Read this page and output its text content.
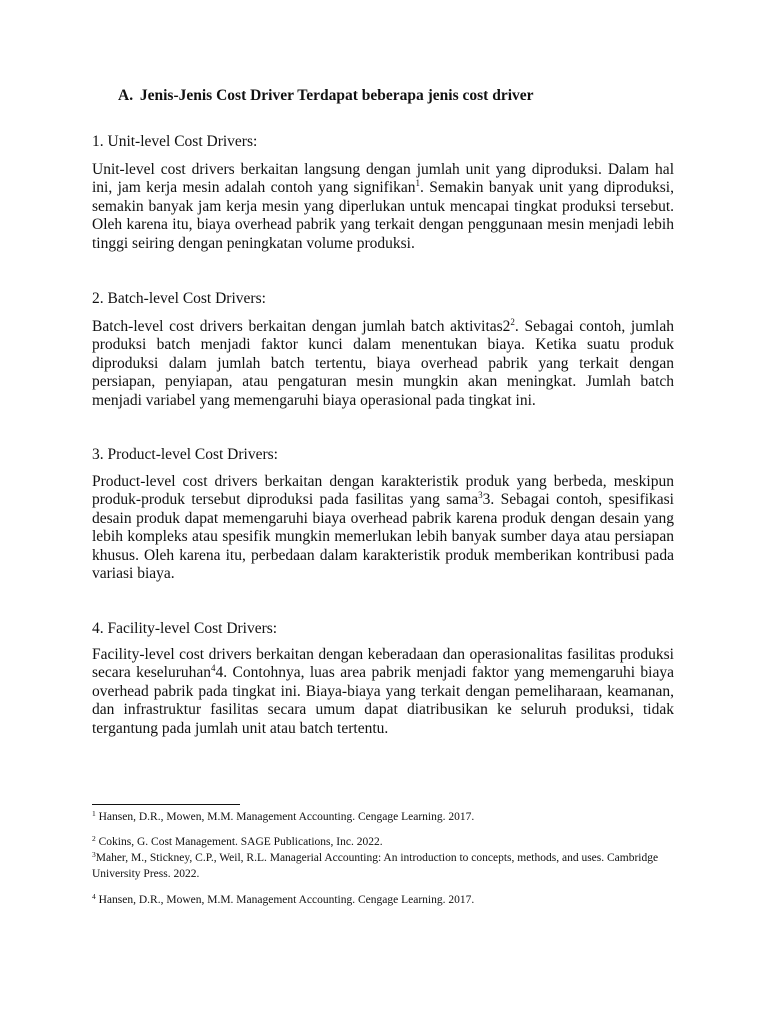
A. Jenis-Jenis Cost Driver Terdapat beberapa jenis cost driver
1. Unit-level Cost Drivers:
Unit-level cost drivers berkaitan langsung dengan jumlah unit yang diproduksi. Dalam hal ini, jam kerja mesin adalah contoh yang signifikan$^1$. Semakin banyak unit yang diproduksi, semakin banyak jam kerja mesin yang diperlukan untuk mencapai tingkat produksi tersebut. Oleh karena itu, biaya overhead pabrik yang terkait dengan penggunaan mesin menjadi lebih tinggi seiring dengan peningkatan volume produksi.
2. Batch-level Cost Drivers:
Batch-level cost drivers berkaitan dengan jumlah batch $aktivitas2^2$. Sebagai contoh, jumlah produksi batch menjadi faktor kunci dalam menentukan biaya. Ketika suatu produk diproduksi dalam jumlah batch tertentu, biaya overhead pabrik yang terkait dengan persiapan, penyiapan, atau pengaturan mesin mungkin akan meningkat. Jumlah batch menjadi variabel yang memengaruhi biaya operasional pada tingkat ini.
3. Product-level Cost Drivers:
Product-level cost drivers berkaitan dengan karakteristik produk yang berbeda, meskipun produk-produk tersebut diproduksi pada fasilitas yang sama$^3$3. Sebagai contoh, spesifikasi desain produk dapat memengaruhi biaya overhead pabrik karena produk dengan desain yang lebih kompleks atau spesifik mungkin memerlukan lebih banyak sumber daya atau persiapan khusus. Oleh karena itu, perbedaan dalam karakteristik produk memberikan kontribusi pada variasi biaya.
4. Facility-level Cost Drivers:
Facility-level cost drivers berkaitan dengan keberadaan dan operasionalitas fasilitas produksi secara keseluruhan$^4$4. Contohnya, luas area pabrik menjadi faktor yang memengaruhi biaya overhead pabrik pada tingkat ini. Biaya-biaya yang terkait dengan pemeliharaan, keamanan, dan infrastruktur fasilitas secara umum dapat diatribusikan ke seluruh produksi, tidak tergantung pada jumlah unit atau batch tertentu.
$^1$ Hansen, D.R., Mowen, M.M. Management Accounting. Cengage Learning. 2017.
$^2$ Cokins, G. Cost Management. SAGE Publications, Inc. 2022.
$^3$Maher, M., Stickney, C.P., Weil, R.L. Managerial Accounting: An introduction to concepts, methods, and uses. Cambridge University Press. 2022.
$^4$ Hansen, D.R., Mowen, M.M. Management Accounting. Cengage Learning. 2017.
